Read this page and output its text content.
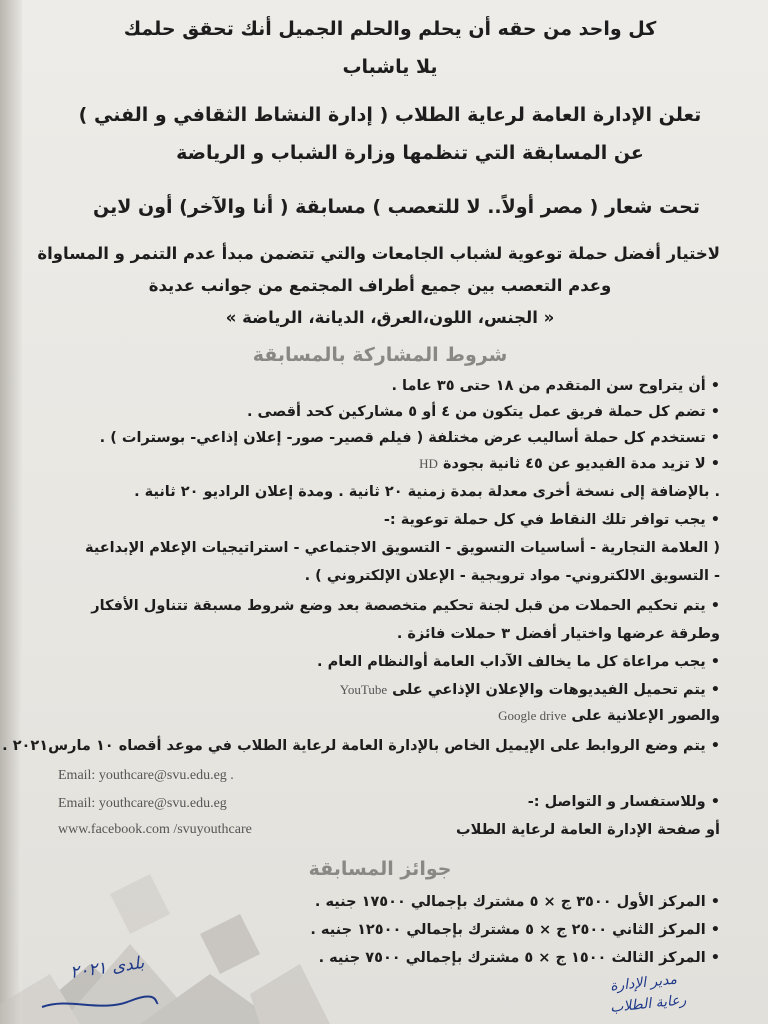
كل واحد من حقه أن يحلم والحلم الجميل أنك تحقق حلمك
يلا ياشباب
تعلن الإدارة العامة لرعاية الطلاب ( إدارة النشاط الثقافي و الفني )
عن المسابقة التي تنظمها وزارة الشباب و الرياضة
تحت شعار ( مصر أولاً.. لا للتعصب ) مسابقة ( أنا والآخر) أون لاين
لاختيار أفضل حملة توعوية لشباب الجامعات والتي تتضمن مبدأ عدم التنمر و المساواة
وعدم التعصب بين جميع أطراف المجتمع من جوانب عديدة
« الجنس، اللون،العرق، الديانة، الرياضة »
شروط المشاركة بالمسابقة
• أن يتراوح سن المتقدم من ١٨ حتى ٣٥ عاما .
• تضم كل حملة فريق عمل يتكون من ٤ أو ٥ مشاركين كحد أقصى .
• تستخدم كل حملة أساليب عرض مختلفة ( فيلم قصير- صور- إعلان إذاعي- بوسترات ) .
• لا تزيد مدة الفيديو عن ٤٥ ثانية بجودة HD
. بالإضافة إلى نسخة أخرى معدلة بمدة زمنية ٢٠ ثانية . ومدة إعلان الراديو ٢٠ ثانية .
• يجب توافر تلك النقاط في كل حملة توعوية :-
( العلامة التجارية - أساسيات التسويق - التسويق الاجتماعي - استراتيجيات الإعلام الإبداعية
- التسويق الالكتروني- مواد ترويجية - الإعلان الإلكتروني ) .
• يتم تحكيم الحملات من قبل لجنة تحكيم متخصصة بعد وضع شروط مسبقة تتناول الأفكار
وطرقة عرضها واختيار أفضل ٣ حملات فائزة .
• يجب مراعاة كل ما يخالف الآداب العامة أوالنظام العام .
• يتم تحميل الفيديوهات والإعلان الإذاعي على YouTube
والصور الإعلانية على Google drive
• يتم وضع الروابط على الإيميل الخاص بالإدارة العامة لرعاية الطلاب في موعد أقصاه ١٠ مارس٢٠٢١ .
Email: youthcare@svu.edu.eg .
Email: youthcare@svu.edu.eg
www.facebook.com /svuyouthcare
• وللاستفسار و التواصل :-
أو صفحة الإدارة العامة لرعاية الطلاب
جوائز المسابقة
• المركز الأول ٣٥٠٠ ج × ٥ مشترك بإجمالي ١٧٥٠٠ جنيه .
• المركز الثاني ٢٥٠٠ ج × ٥ مشترك بإجمالي ١٢٥٠٠ جنيه .
• المركز الثالث ١٥٠٠ ج × ٥ مشترك بإجمالي ٧٥٠٠ جنيه .
بلدی ٢٠٢١
مدير الإدارة
رعاية الطلاب
